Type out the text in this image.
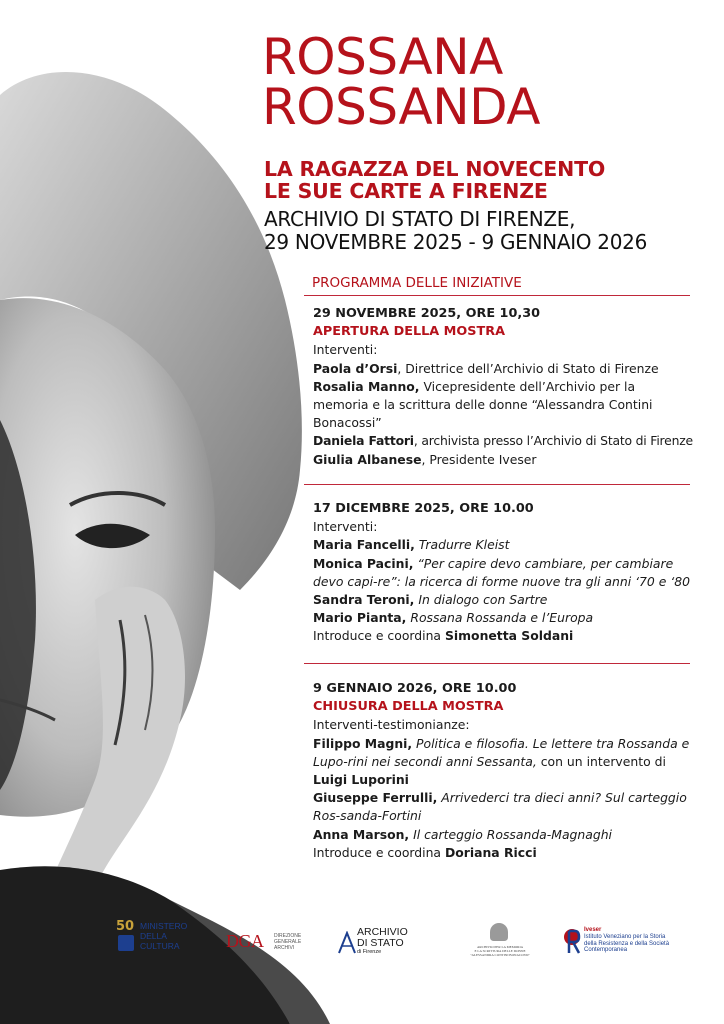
ROSSANA
ROSSANDA
LA RAGAZZA DEL NOVECENTO
LE SUE CARTE A FIRENZE
ARCHIVIO DI STATO DI FIRENZE,
29 NOVEMBRE 2025 - 9 GENNAIO 2026
PROGRAMMA DELLE INIZIATIVE
29 NOVEMBRE 2025, ORE 10,30
APERTURA DELLA MOSTRA
Interventi:
Paola d’Orsi, Direttrice dell’Archivio di Stato di Firenze
Rosalia Manno, Vicepresidente dell’Archivio per la memoria e la scrittura delle donne “Alessandra Contini Bonacossi”
Daniela Fattori, archivista presso l’Archivio di Stato di Firenze
Giulia Albanese, Presidente Iveser
17 DICEMBRE 2025, ORE 10.00
Interventi:
Maria Fancelli, Tradurre Kleist
Monica Pacini, “Per capire devo cambiare, per cambiare devo capi-re”: la ricerca di forme nuove tra gli anni ‘70 e ‘80
Sandra Teroni, In dialogo con Sartre
Mario Pianta, Rossana Rossanda e l’Europa
Introduce e coordina Simonetta Soldani
9 GENNAIO 2026, ORE 10.00
CHIUSURA DELLA MOSTRA
Interventi-testimonianze:
Filippo Magni, Politica e filosofia. Le lettere tra Rossanda e Lupo-rini nei secondi anni Sessanta, con un intervento di
Luigi Luporini
Giuseppe Ferrulli, Arrivederci tra dieci anni? Sul carteggio Ros-sanda-Fortini
Anna Marson, Il carteggio Rossanda-Magnaghi
Introduce e coordina Doriana Ricci
50 MINISTERO
DELLA
CULTURA	DGA DIREZIONE
GENERALE
ARCHIVI
ARCHIVIO
DI STATO
di Firenze
ARCHIVIO PER LA MEMORIA
E LA SCRITTURA DELLE DONNE
"ALESSANDRA CONTINI BONACOSSI"
Iveser
Istituto Veneziano per la Storia
della Resistenza e della Società
Contemporanea
